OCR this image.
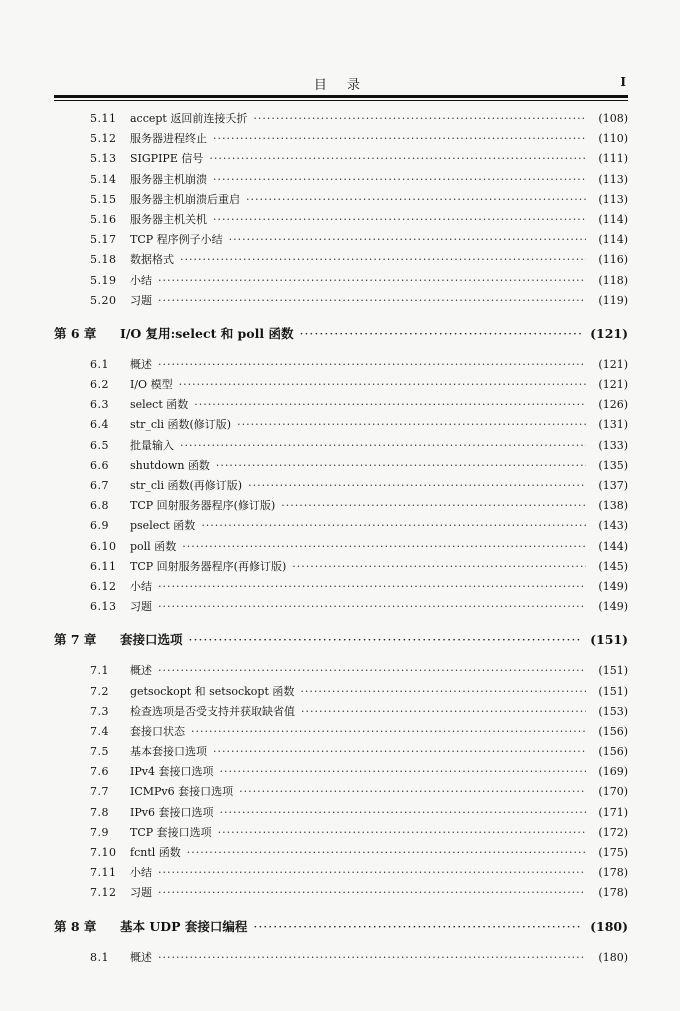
目 录	I
5.11	accept 返回前连接夭折 ·····	(108)
5.12	服务器进程终止 ·····	(110)
5.13	SIGPIPE 信号 ·····	(111)
5.14	服务器主机崩溃 ·····	(113)
5.15	服务器主机崩溃后重启 ·····	(113)
5.16	服务器主机关机 ·····	(114)
5.17	TCP 程序例子小结 ·····	(114)
5.18	数据格式 ·····	(116)
5.19	小结 ·····	(118)
5.20	习题 ·····	(119)
第 6 章	I/O 复用:select 和 poll 函数 ·····	(121)
6.1	概述 ·····	(121)
6.2	I/O 模型 ·····	(121)
6.3	select 函数 ·····	(126)
6.4	str_cli 函数(修订版) ·····	(131)
6.5	批量输入 ·····	(133)
6.6	shutdown 函数 ·····	(135)
6.7	str_cli 函数(再修订版) ·····	(137)
6.8	TCP 回射服务器程序(修订版) ·····	(138)
6.9	pselect 函数 ·····	(143)
6.10	poll 函数 ·····	(144)
6.11	TCP 回射服务器程序(再修订版) ·····	(145)
6.12	小结 ·····	(149)
6.13	习题 ·····	(149)
第 7 章	套接口选项 ·····	(151)
7.1	概述 ·····	(151)
7.2	getsockopt 和 setsockopt 函数 ·····	(151)
7.3	检查选项是否受支持并获取缺省值 ·····	(153)
7.4	套接口状态 ·····	(156)
7.5	基本套接口选项 ·····	(156)
7.6	IPv4 套接口选项 ·····	(169)
7.7	ICMPv6 套接口选项 ·····	(170)
7.8	IPv6 套接口选项 ·····	(171)
7.9	TCP 套接口选项 ·····	(172)
7.10	fcntl 函数 ·····	(175)
7.11	小结 ·····	(178)
7.12	习题 ·····	(178)
第 8 章	基本 UDP 套接口编程 ·····	(180)
8.1	概述 ·····	(180)
